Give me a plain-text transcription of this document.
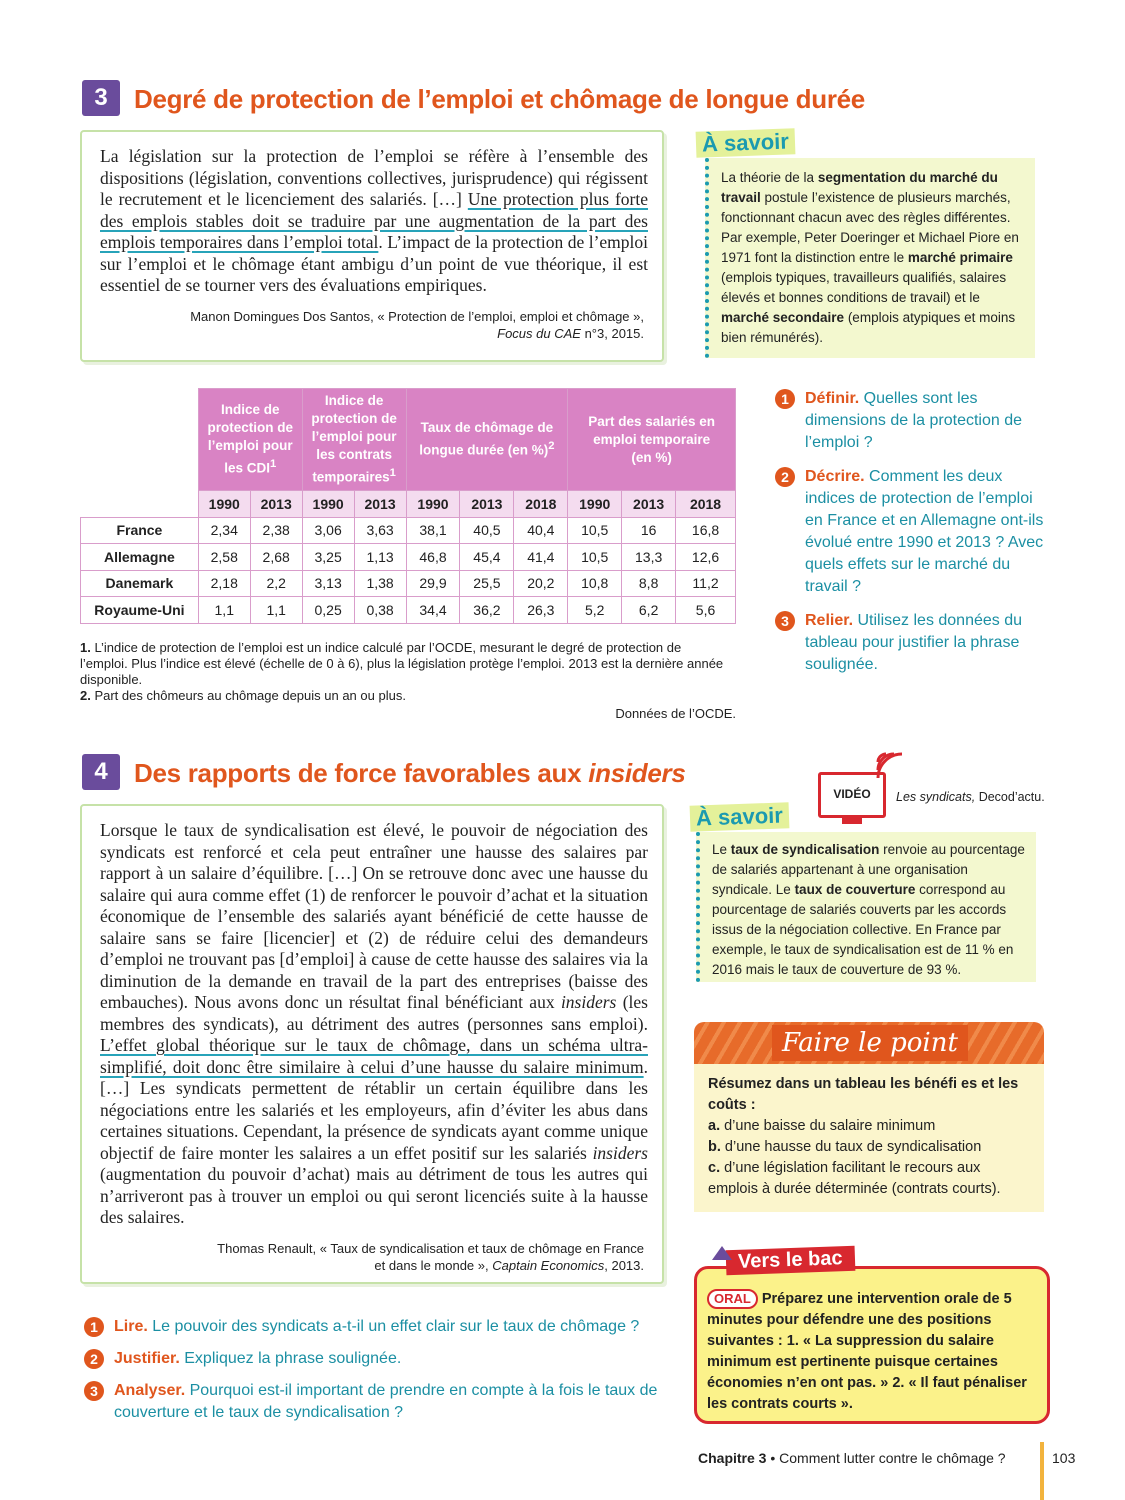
3	Degré de protection de l’emploi et chômage de longue durée

La législation sur la protection de l’emploi se réfère à l’ensemble des dispositions (législation, conventions collectives, jurisprudence) qui régissent le recrutement et le licenciement des salariés. […] Une protection plus forte des emplois stables doit se traduire par une augmentation de la part des emplois temporaires dans l’emploi total. L’impact de la protection de l’emploi sur l’emploi et le chômage étant ambigu d’un point de vue théorique, il est essentiel de se tourner vers des évaluations empiriques.

Manon Domingues Dos Santos, « Protection de l’emploi, emploi et chômage »,
Focus du CAE n°3, 2015.

La théorie de la segmentation du marché du travail postule l’existence de plusieurs marchés, fonctionnant chacun avec des règles différentes. Par exemple, Peter Doeringer et Michael Piore en 1971 font la distinction entre le marché primaire (emplois typiques, travailleurs qualifiés, salaires élevés et bonnes conditions de travail) et le marché secondaire (emplois atypiques et moins bien rémunérés).

À savoir
1	Définir. Quelles sont les dimensions de la protection de l’emploi ?
2	Décrire. Comment les deux indices de protection de l’emploi en France et en Allemagne ont-ils évolué entre 1990 et 2013 ? Avec quels effets sur le marché du travail ?
3	Relier. Utilisez les données du tableau pour justifier la phrase soulignée.
	Indice de protection de l’emploi pour les CDI$^1$		Indice de protection de l’emploi pour les contrats temporaires$^1$		Taux de chômage de longue durée (en %)$^2$			Part des salariés en emploi temporaire (en %)		
	1990	2013	1990	2013	1990	2013	2018	1990	2013	2018
France	2,34	2,38	3,06	3,63	38,1	40,5	40,4	10,5	16	16,8
Allemagne	2,58	2,68	3,25	1,13	46,8	45,4	41,4	10,5	13,3	12,6
Danemark	2,18	2,2	3,13	1,38	29,9	25,5	20,2	10,8	8,8	11,2
Royaume-Uni	1,1	1,1	0,25	0,38	34,4	36,2	26,3	5,2	6,2	5,6

1. L’indice de protection de l’emploi est un indice calculé par l’OCDE, mesurant le degré de protection de l’emploi. Plus l’indice est élevé (échelle de 0 à 6), plus la législation protège l’emploi. 2013 est la dernière année disponible.

2. Part des chômeurs au chômage depuis un an ou plus.

Données de l’OCDE.
4	Des rapports de force favorables aux insiders

Lorsque le taux de syndicalisation est élevé, le pouvoir de négociation des syndicats est renforcé et cela peut entraîner une hausse des salaires par rapport à un salaire d’équilibre. […] On se retrouve donc avec une hausse du salaire qui aura comme effet (1) de renforcer le pouvoir d’achat et la situation économique de l’ensemble des salariés ayant bénéficié de cette hausse de salaire sans se faire [licencier] et (2) de réduire celui des demandeurs d’emploi ne trouvant pas [d’emploi] à cause de cette hausse des salaires via la diminution de la demande en travail de la part des entreprises (baisse des embauches). Nous avons donc un résultat final bénéficiant aux insiders (les membres des syndicats), au détriment des autres (personnes sans emploi). L’effet global théorique sur le taux de chômage, dans un schéma ultra-simplifié, doit donc être similaire à celui d’une hausse du salaire minimum. […] Les syndicats permettent de rétablir un certain équilibre dans les négociations entre les salariés et les employeurs, afin d’éviter les abus dans certaines situations. Cependant, la présence de syndicats ayant comme unique objectif de faire monter les salaires a un effet positif sur les salariés insiders (augmentation du pouvoir d’achat) mais au détriment de tous les autres qui n’arriveront pas à trouver un emploi ou qui seront licenciés suite à la hausse des salaires.

Thomas Renault, « Taux de syndicalisation et taux de chômage en France
et dans le monde », Captain Economics, 2013.
VIDÉO	Les syndicats, Decod’actu.

Le taux de syndicalisation renvoie au pourcentage de salariés appartenant à une organisation syndicale. Le taux de couverture correspond au pourcentage de salariés couverts par les accords issus de la négociation collective. En France par exemple, le taux de syndicalisation est de 11 % en 2016 mais le taux de couverture de 93 %.

À savoir

Résumez dans un tableau les bénéfi es et les coûts :

a. d’une baisse du salaire minimum

b. d’une hausse du taux de syndicalisation

c. d’une législation facilitant le recours aux emplois à durée déterminée (contrats courts).

Faire le point

ORAL Préparez une intervention orale de 5 minutes pour défendre une des positions suivantes : 1. « La suppression du salaire minimum est pertinente puisque certaines économies n’en ont pas. » 2. « Il faut pénaliser les contrats courts ».

Vers le bac
1	Lire. Le pouvoir des syndicats a-t-il un effet clair sur le taux de chômage ?
2	Justifier. Expliquez la phrase soulignée.
3	Analyser. Pourquoi est-il important de prendre en compte à la fois le taux de couverture et le taux de syndicalisation ?
Chapitre 3 • Comment lutter contre le chômage ?	103
